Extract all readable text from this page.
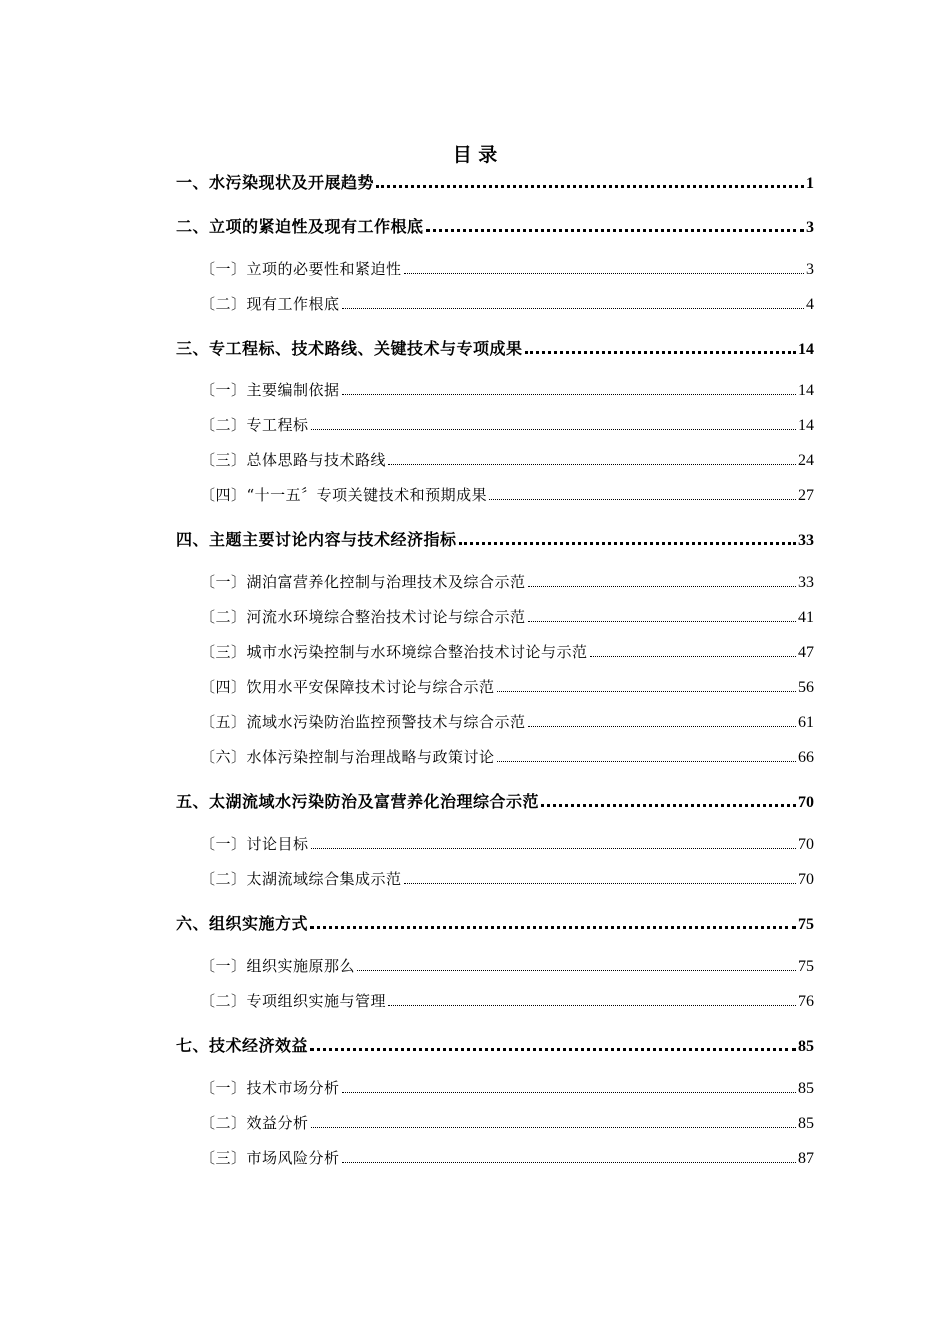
目 录
一、水污染现状及开展趋势	1
二、立项的紧迫性及现有工作根底	3
〔一〕立项的必要性和紧迫性	3
〔二〕现有工作根底	4
三、专工程标、技术路线、关键技术与专项成果	14
〔一〕主要编制依据	14
〔二〕专工程标	14
〔三〕总体思路与技术路线	24
〔四〕“十一五〞专项关键技术和预期成果	27
四、主题主要讨论内容与技术经济指标	33
〔一〕湖泊富营养化控制与治理技术及综合示范	33
〔二〕河流水环境综合整治技术讨论与综合示范	41
〔三〕城市水污染控制与水环境综合整治技术讨论与示范	47
〔四〕饮用水平安保障技术讨论与综合示范	56
〔五〕流域水污染防治监控预警技术与综合示范	61
〔六〕水体污染控制与治理战略与政策讨论	66
五、太湖流域水污染防治及富营养化治理综合示范	70
〔一〕讨论目标	70
〔二〕太湖流域综合集成示范	70
六、组织实施方式	75
〔一〕组织实施原那么	75
〔二〕专项组织实施与管理	76
七、技术经济效益	85
〔一〕技术市场分析	85
〔二〕效益分析	85
〔三〕市场风险分析	87
